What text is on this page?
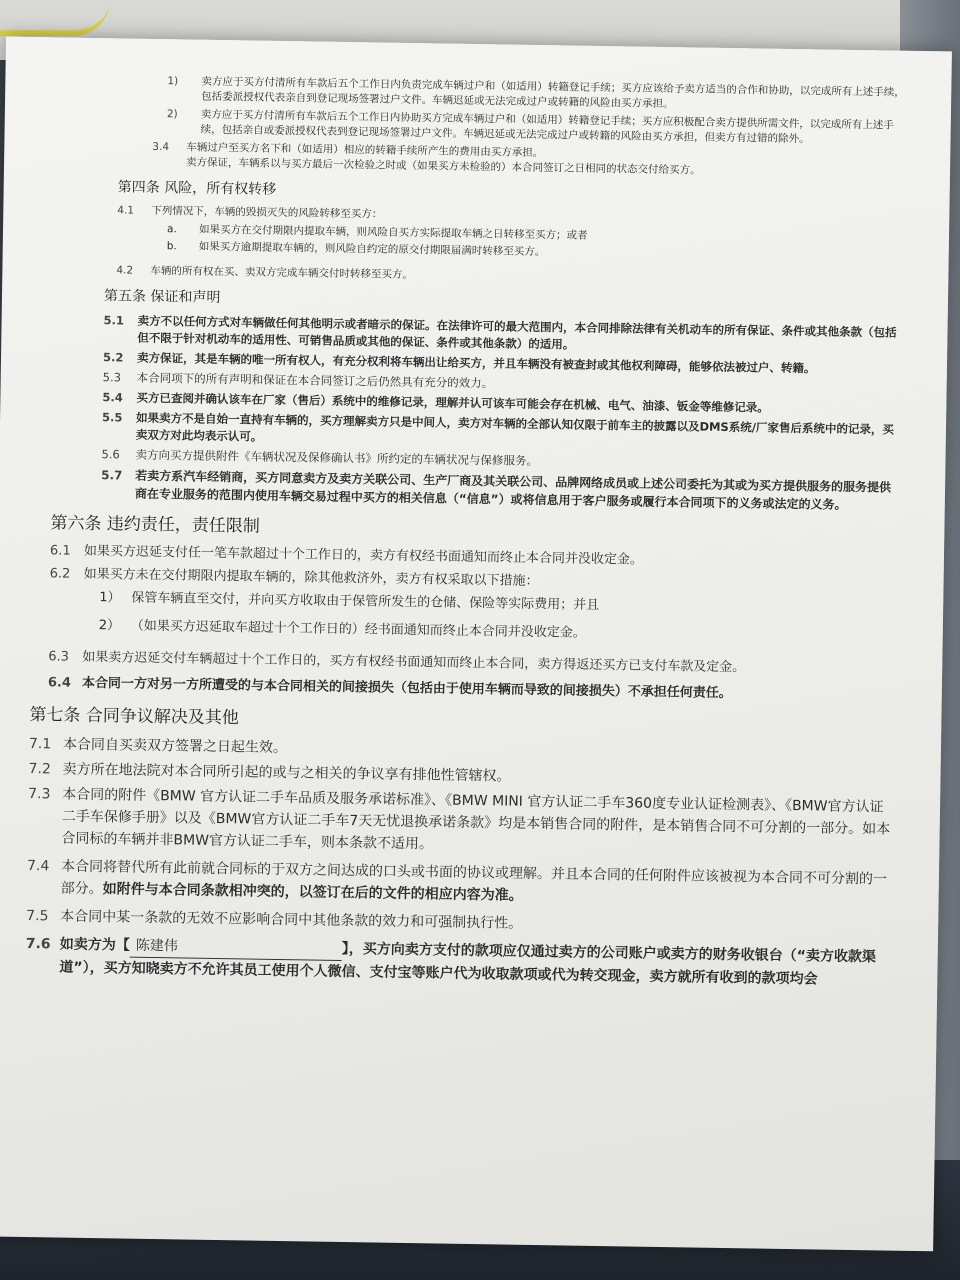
1)	卖方应于买方付清所有车款后五个工作日内负责完成车辆过户和（如适用）转籍登记手续；买方应该给予卖方适当的合作和协助，以完成所有上述手续，包括委派授权代表亲自到登记现场签署过户文件。车辆迟延或无法完成过户或转籍的风险由买方承担。
2)	卖方应于买方付清所有车款后五个工作日内协助买方完成车辆过户和（如适用）转籍登记手续；买方应积极配合卖方提供所需文件，以完成所有上述手续，包括亲自或委派授权代表到登记现场签署过户文件。车辆迟延或无法完成过户或转籍的风险由买方承担，但卖方有过错的除外。
3.4	车辆过户至买方名下和（如适用）相应的转籍手续所产生的费用由买方承担。
卖方保证，车辆系以与买方最后一次检验之时或（如果买方未检验的）本合同签订之日相同的状态交付给买方。
第四条 风险，所有权转移
4.1	下列情况下，车辆的毁损灭失的风险转移至买方：
a.	如果买方在交付期限内提取车辆，则风险自买方实际提取车辆之日转移至买方；或者
b.	如果买方逾期提取车辆的，则风险自约定的原交付期限届满时转移至买方。
4.2	车辆的所有权在买、卖双方完成车辆交付时转移至买方。
第五条 保证和声明
5.1	卖方不以任何方式对车辆做任何其他明示或者暗示的保证。在法律许可的最大范围内，本合同排除法律有关机动车的所有保证、条件或其他条款（包括但不限于针对机动车的适用性、可销售品质或其他的保证、条件或其他条款）的适用。
5.2	卖方保证，其是车辆的唯一所有权人，有充分权利将车辆出让给买方，并且车辆没有被查封或其他权利障碍，能够依法被过户、转籍。
5.3	本合同项下的所有声明和保证在本合同签订之后仍然具有充分的效力。
5.4	买方已查阅并确认该车在厂家（售后）系统中的维修记录，理解并认可该车可能会存在机械、电气、油漆、钣金等维修记录。
5.5	如果卖方不是自始一直持有车辆的，买方理解卖方只是中间人，卖方对车辆的全部认知仅限于前车主的披露以及DMS系统/厂家售后系统中的记录，买卖双方对此均表示认可。
5.6	卖方向买方提供附件《车辆状况及保修确认书》所约定的车辆状况与保修服务。
5.7	若卖方系汽车经销商，买方同意卖方及卖方关联公司、生产厂商及其关联公司、品牌网络成员或上述公司委托为其或为买方提供服务的服务提供商在专业服务的范围内使用车辆交易过程中买方的相关信息（“信息”）或将信息用于客户服务或履行本合同项下的义务或法定的义务。
第六条 违约责任，责任限制
6.1	如果买方迟延支付任一笔车款超过十个工作日的，卖方有权经书面通知而终止本合同并没收定金。
6.2	如果买方未在交付期限内提取车辆的，除其他救济外，卖方有权采取以下措施：
1） 保管车辆直至交付，并向买方收取由于保管所发生的仓储、保险等实际费用；并且
2） （如果买方迟延取车超过十个工作日的）经书面通知而终止本合同并没收定金。
6.3	如果卖方迟延交付车辆超过十个工作日的，买方有权经书面通知而终止本合同，卖方得返还买方已支付车款及定金。
6.4 本合同一方对另一方所遭受的与本合同相关的间接损失（包括由于使用车辆而导致的间接损失）不承担任何责任。
第七条 合同争议解决及其他
7.1 本合同自买卖双方签署之日起生效。
7.2 卖方所在地法院对本合同所引起的或与之相关的争议享有排他性管辖权。
7.3 本合同的附件《BMW 官方认证二手车品质及服务承诺标准》、《BMW MINI 官方认证二手车360度专业认证检测表》、《BMW官方认证二手车保修手册》以及《BMW官方认证二手车7天无忧退换承诺条款》均是本销售合同的附件，是本销售合同不可分割的一部分。如本合同标的车辆并非BMW官方认证二手车，则本条款不适用。
7.4 本合同将替代所有此前就合同标的于双方之间达成的口头或书面的协议或理解。并且本合同的任何附件应该被视为本合同不可分割的一部分。如附件与本合同条款相冲突的，以签订在后的文件的相应内容为准。
7.5 本合同中某一条款的无效不应影响合同中其他条款的效力和可强制执行性。
7.6 如卖方为【 陈建伟	】，买方向卖方支付的款项应仅通过卖方的公司账户或卖方的财务收银台（“卖方收款渠道”），买方知晓卖方不允许其员工使用个人微信、支付宝等账户代为收取款项或代为转交现金，卖方就所有收到的款项均会
